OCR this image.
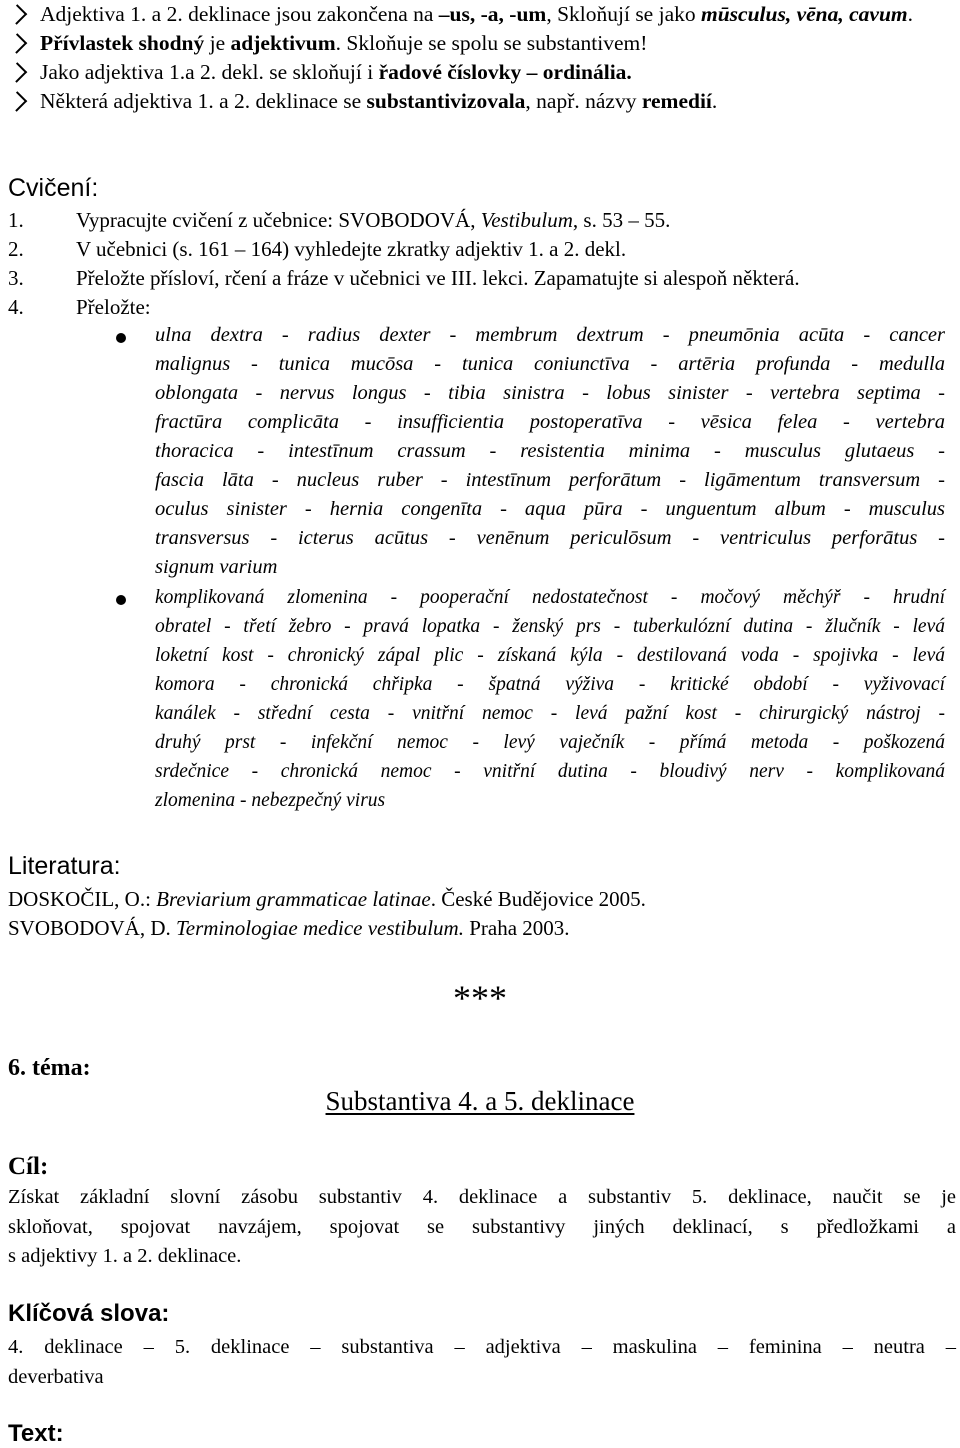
Adjektiva 1. a 2. deklinace jsou zakončena na –us, -a, -um, Skloňují se jako mūsculus, vēna, cavum.
Přívlastek shodný je adjektivum. Skloňuje se spolu se substantivem!
Jako adjektiva 1.a 2. dekl. se skloňují i řadové číslovky – ordinália.
Některá adjektiva 1. a 2. deklinace se substantivizovala, např. názvy remedií.
Cvičení:
1. Vypracujte cvičení z učebnice: SVOBODOVÁ, Vestibulum, s. 53 – 55.
2. V učebnici (s. 161 – 164) vyhledejte zkratky adjektiv 1. a 2. dekl.
3. Přeložte přísloví, rčení a fráze v učebnici ve III. lekci. Zapamatujte si alespoň některá.
4. Přeložte:
ulna dextra - radius dexter - membrum dextrum - pneumōnia acūta - cancer
malignus - tunica mucōsa - tunica coniunctīva - artēria profunda - medulla
oblongata - nervus longus - tibia sinistra - lobus sinister - vertebra septima -
fractūra complicāta - insufficientia postoperatīva - vēsica felea - vertebra
thoracica - intestīnum crassum - resistentia minima - musculus glutaeus -
fascia lāta - nucleus ruber - intestīnum perforātum - ligāmentum transversum -
oculus sinister - hernia congenīta - aqua pūra - unguentum album - musculus
transversus - icterus acūtus - venēnum periculōsum - ventriculus perforātus -
signum varium
komplikovaná zlomenina - pooperační nedostatečnost - močový měchýř - hrudní
obratel - třetí žebro - pravá lopatka - ženský prs - tuberkulózní dutina - žlučník - levá
loketní kost - chronický zápal plic - získaná kýla - destilovaná voda - spojivka - levá
komora - chronická chřipka - špatná výživa - kritické období - vyživovací
kanálek - střední cesta - vnitřní nemoc - levá pažní kost - chirurgický nástroj -
druhý prst - infekční nemoc - levý vaječník - přímá metoda - poškozená
srdečnice - chronická nemoc - vnitřní dutina - bloudivý nerv - komplikovaná
zlomenina - nebezpečný virus
Literatura:
DOSKOČIL, O.: Breviarium grammaticae latinae. České Budějovice 2005.
SVOBODOVÁ, D. Terminologiae medice vestibulum. Praha 2003.
***
6. téma:
Substantiva 4. a 5. deklinace
Cíl:
Získat základní slovní zásobu substantiv 4. deklinace a substantiv 5. deklinace, naučit se je
skloňovat, spojovat navzájem, spojovat se substantivy jiných deklinací, s předložkami a
s adjektivy 1. a 2. deklinace.
Klíčová slova:
4. deklinace – 5. deklinace – substantiva – adjektiva – maskulina – feminina – neutra –
deverbativa
Text:
